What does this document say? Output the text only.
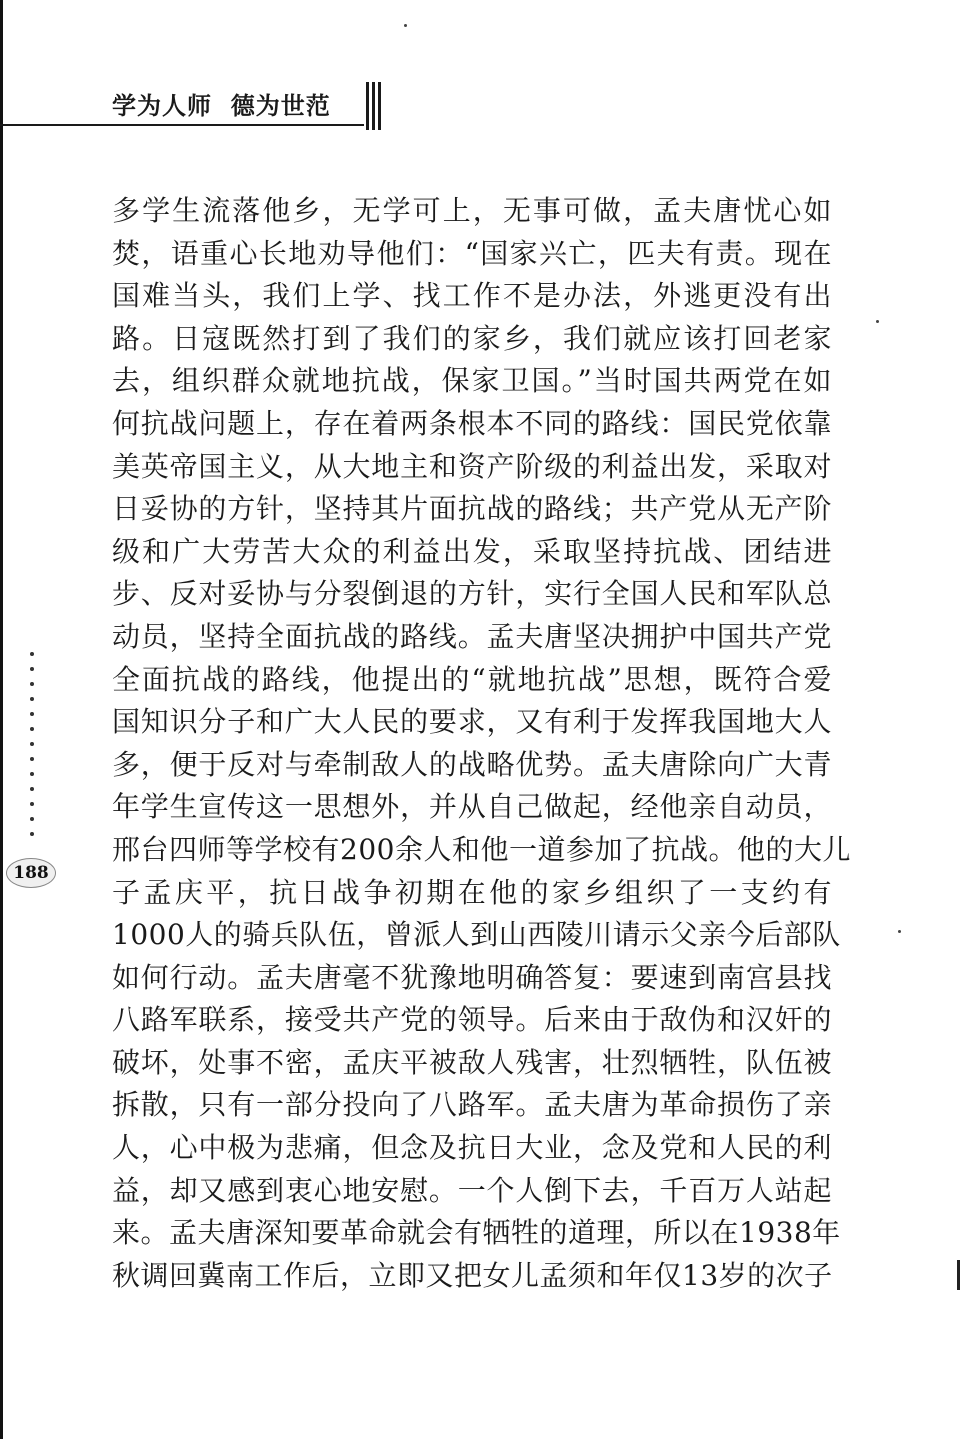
学为人师  德为世范
多学生流落他乡，无学可上，无事可做，孟夫唐忧心如
焚，语重心长地劝导他们：“国家兴亡，匹夫有责。现在
国难当头，我们上学、找工作不是办法，外逃更没有出
路。日寇既然打到了我们的家乡，我们就应该打回老家
去，组织群众就地抗战，保家卫国。”当时国共两党在如
何抗战问题上，存在着两条根本不同的路线：国民党依靠
美英帝国主义，从大地主和资产阶级的利益出发，采取对
日妥协的方针，坚持其片面抗战的路线；共产党从无产阶
级和广大劳苦大众的利益出发，采取坚持抗战、团结进
步、反对妥协与分裂倒退的方针，实行全国人民和军队总
动员，坚持全面抗战的路线。孟夫唐坚决拥护中国共产党
全面抗战的路线，他提出的“就地抗战”思想，既符合爱
国知识分子和广大人民的要求，又有利于发挥我国地大人
多，便于反对与牵制敌人的战略优势。孟夫唐除向广大青
年学生宣传这一思想外，并从自己做起，经他亲自动员，
邢台四师等学校有200余人和他一道参加了抗战。他的大儿
子孟庆平，抗日战争初期在他的家乡组织了一支约有
1000人的骑兵队伍，曾派人到山西陵川请示父亲今后部队
如何行动。孟夫唐毫不犹豫地明确答复：要速到南宫县找
八路军联系，接受共产党的领导。后来由于敌伪和汉奸的
破坏，处事不密，孟庆平被敌人残害，壮烈牺牲，队伍被
拆散，只有一部分投向了八路军。孟夫唐为革命损伤了亲
人，心中极为悲痛，但念及抗日大业，念及党和人民的利
益，却又感到衷心地安慰。一个人倒下去，千百万人站起
来。孟夫唐深知要革命就会有牺牲的道理，所以在1938年
秋调回冀南工作后，立即又把女儿孟须和年仅13岁的次子
188
